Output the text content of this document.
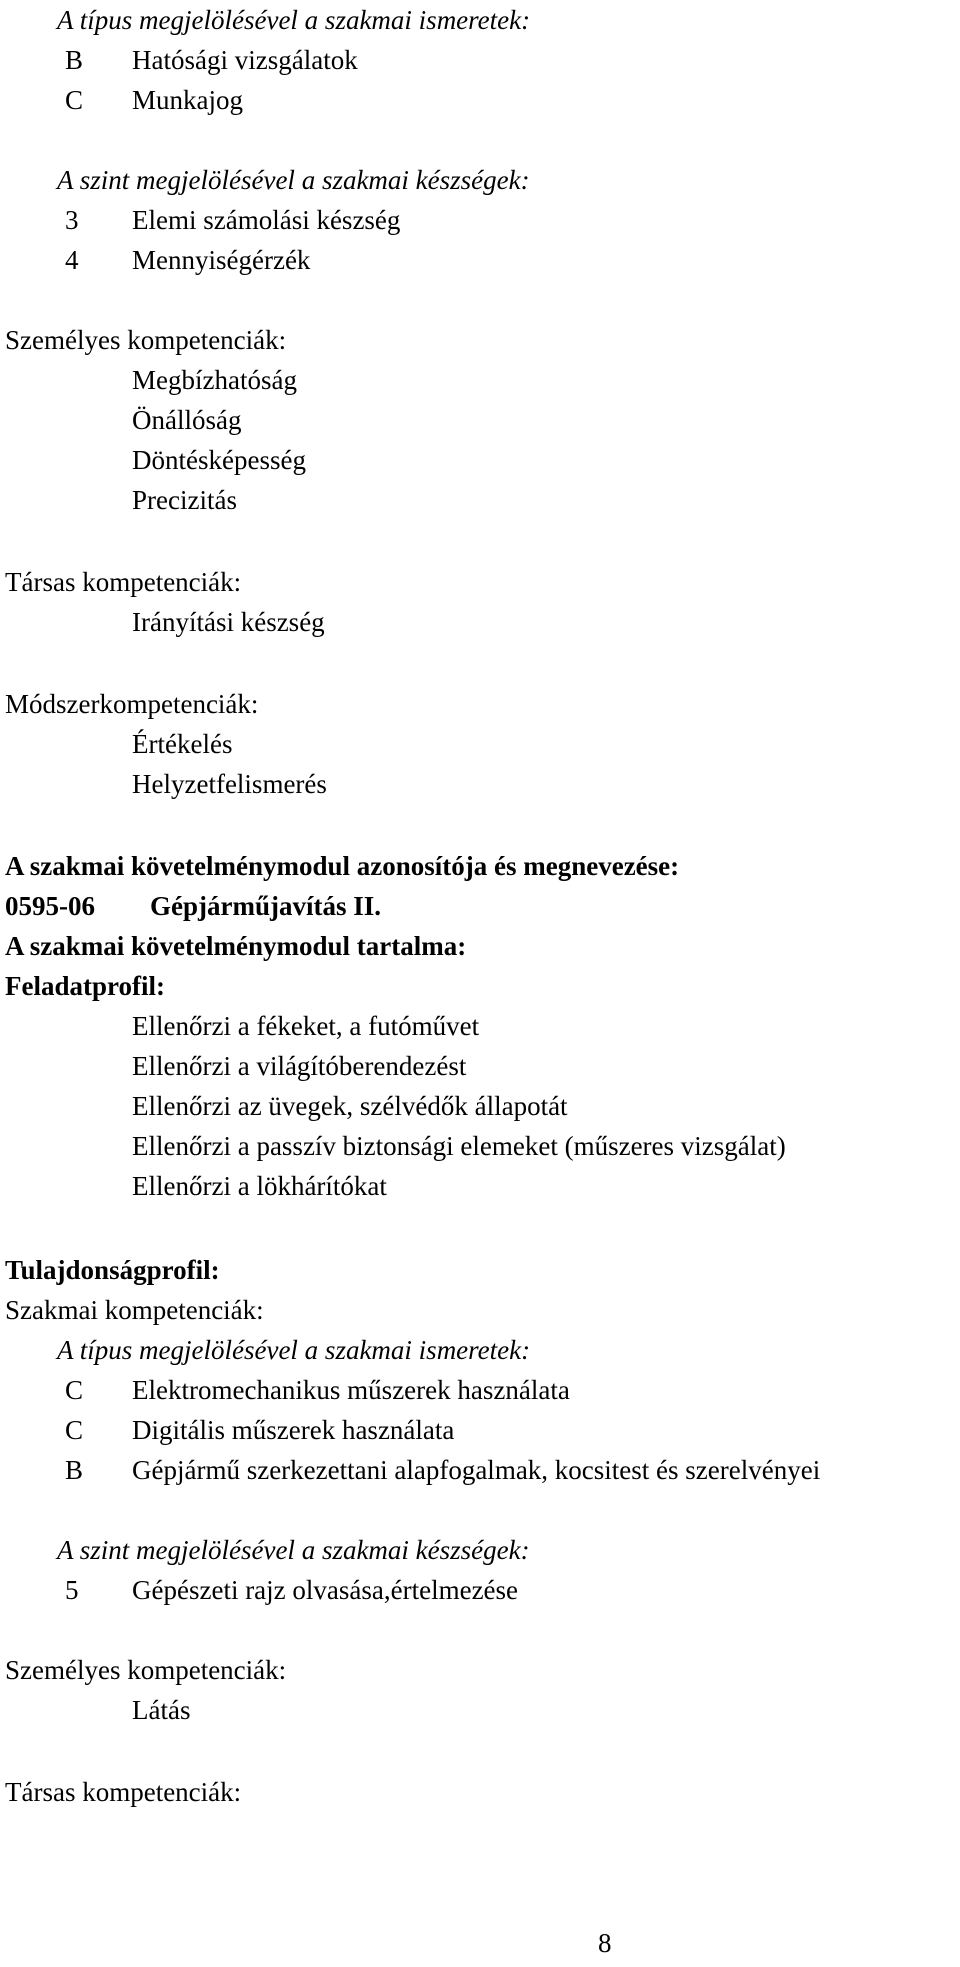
A típus megjelölésével a szakmai ismeretek:
B Hatósági vizsgálatok
C Munkajog
A szint megjelölésével a szakmai készségek:
3 Elemi számolási készség
4 Mennyiségérzék
Személyes kompetenciák:
Megbízhatóság
Önállóság
Döntésképesség
Precizitás
Társas kompetenciák:
Irányítási készség
Módszerkompetenciák:
Értékelés
Helyzetfelismerés
A szakmai követelménymodul azonosítója és megnevezése:
0595-06 Gépjárműjavítás II.
A szakmai követelménymodul tartalma:
Feladatprofil:
Ellenőrzi a fékeket, a futóművet
Ellenőrzi a világítóberendezést
Ellenőrzi az üvegek, szélvédők állapotát
Ellenőrzi a passzív biztonsági elemeket (műszeres vizsgálat)
Ellenőrzi a lökhárítókat
Tulajdonságprofil:
Szakmai kompetenciák:
A típus megjelölésével a szakmai ismeretek:
C Elektromechanikus műszerek használata
C Digitális műszerek használata
B Gépjármű szerkezettani alapfogalmak, kocsitest és szerelvényei
A szint megjelölésével a szakmai készségek:
5 Gépészeti rajz olvasása,értelmezése
Személyes kompetenciák:
Látás
Társas kompetenciák:
8
